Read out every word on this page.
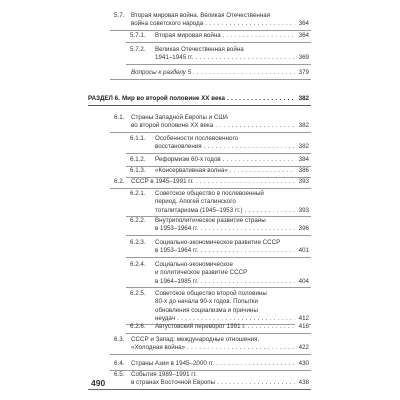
5.7.	Вторая мировая война. Великая Отечественная
война советского народа . . .	364
5.7.1.	Вторая мировая война . . .	364
5.7.2.	Великая Отечественная война
1941–1945 гг. . . .	369
Вопросы к разделу 5 . . .	379
РАЗДЕЛ 6. Мир во второй половине XX века . . .	382
6.1.	Страны Западной Европы и США
во второй половине XX века . . .	382
6.1.1.	Особенности послевоенного
восстановления . . .	382
6.1.2.	Реформизм 60-х годов . . .	384
6.1.3.	«Консервативная волна» . . .	386
6.2.	СССР в 1945–1991 гг. . . .	393
6.2.1.	Советское общество в послевоенный
период. Апогей сталинского
тоталитаризма (1945–1953 гг.) . . .	393
6.2.2.	Внутриполитическое развитие страны
в 1953–1964 гг. . . .	396
6.2.3.	Социально-экономическое развитие СССР
в 1953–1964 гг. . . .	401
6.2.4.	Социально-экономическое
и политическое развитие СССР
в 1964–1985 гг. . . .	404
6.2.5.	Советское общество второй половины
80-х до начала 90-х годов. Попытки
обновления социализма и причины
неудач . . .	412
6.2.6.	Августовский переворот 1991 г. . . .	416
6.3.	СССР и Запад: международные отношения.
«Холодная война» . . .	422
6.4.	Страны Азии в 1945–2000 гг. . . .	430
6.5.	События 1989–1991 гг.
в странах Восточной Европы . . .	438
490
